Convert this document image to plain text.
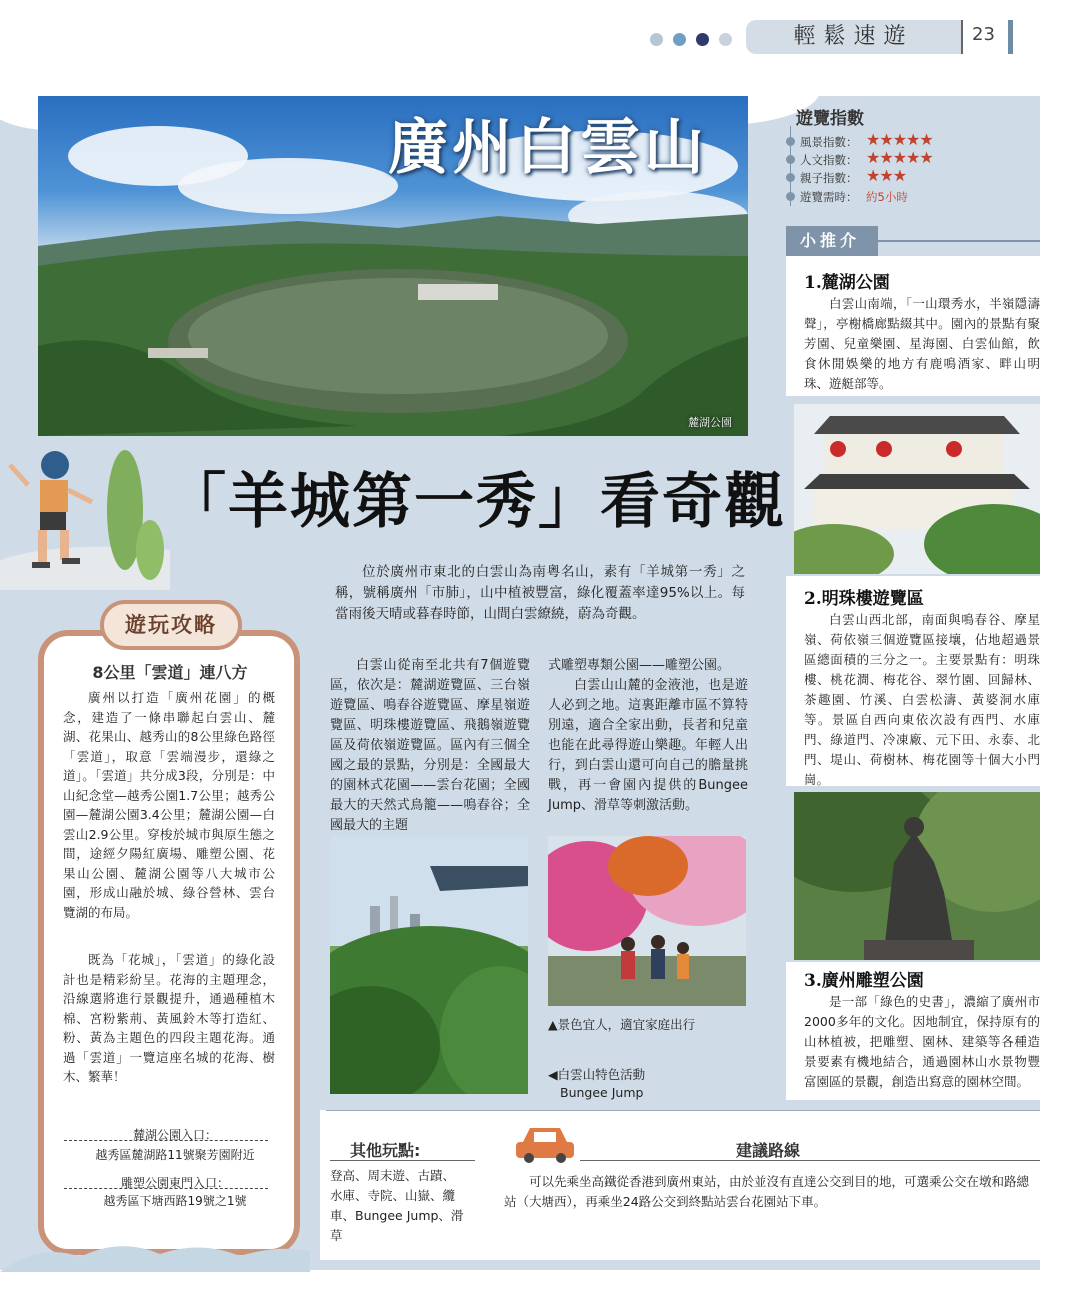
輕鬆速遊	23
麓湖公園
廣州白雲山
「羊城第一秀」看奇觀
位於廣州市東北的白雲山為南粵名山，素有「羊城第一秀」之稱，號稱廣州「市肺」，山中植被豐富，綠化覆蓋率達95%以上。每當雨後天晴或暮春時節，山間白雲繚繞，蔚為奇觀。
白雲山從南至北共有7個遊覽區，依次是：麓湖遊覽區、三台嶺遊覽區、鳴春谷遊覽區、摩星嶺遊覽區、明珠樓遊覽區、飛鵝嶺遊覽區及荷依嶺遊覽區。區內有三個全國之最的景點，分別是：全國最大的園林式花園——雲台花園；全國最大的天然式鳥籠——鳴春谷；全國最大的主題
式雕塑專類公園——雕塑公園。
白雲山山麓的金液池，也是遊人必到之地。這裏距離市區不算特別遠，適合全家出動，長者和兒童也能在此尋得遊山樂趣。年輕人出行，到白雲山還可向自己的膽量挑戰，再一會園內提供的Bungee Jump、滑草等刺激活動。
◀白雲山特色活動
Bungee Jump
▲景色宜人，適宜家庭出行
遊玩攻略
8公里「雲道」連八方
廣州以打造「廣州花園」的概念，建造了一條串聯起白雲山、麓湖、花果山、越秀山的8公里綠色路徑「雲道」，取意「雲端漫步，還綠之道」。「雲道」共分成3段，分別是：中山紀念堂—越秀公園1.7公里；越秀公園—麓湖公園3.4公里；麓湖公園—白雲山2.9公里。穿梭於城市與原生態之間，途經夕陽紅廣場、雕塑公園、花果山公園、麓湖公園等八大城市公園，形成山融於城、綠谷營林、雲台覽湖的布局。
既為「花城」，「雲道」的綠化設計也是精彩紛呈。花海的主題理念，沿線選將進行景觀提升，通過種植木棉、宮粉紫荊、黃風鈴木等打造紅、粉、黃為主題色的四段主題花海。通過「雲道」一覽這座名城的花海、樹木、繁華！
麓湖公園入口：
越秀區麓湖路11號聚芳園附近
雕塑公園東門入口：
越秀區下塘西路19號之1號
遊覽指數
風景指數： ★★★★★
人文指數： ★★★★★
親子指數： ★★★
遊覽需時： 約5小時
小推介
1.麓湖公園
白雲山南端，「一山環秀水，半嶺隱濤聲」，亭榭橋廊點綴其中。園內的景點有聚芳園、兒童樂園、星海園、白雲仙館，飲食休閒娛樂的地方有鹿鳴酒家、畔山明珠、遊艇部等。
2.明珠樓遊覽區
白雲山西北部，南面與鳴春谷、摩星嶺、荷依嶺三個遊覽區接壤，佔地超過景區總面積的三分之一。主要景點有：明珠樓、桃花澗、梅花谷、翠竹園、回歸林、茶趣園、竹溪、白雲松濤、黃婆洞水庫等。景區自西向東依次設有西門、水庫門、綠道門、冷凍廠、元下田、永泰、北門、堤山、荷樹林、梅花園等十個大小門崗。
3.廣州雕塑公園
是一部「綠色的史書」，濃縮了廣州市2000多年的文化。因地制宜，保持原有的山林植被，把雕塑、園林、建築等各種造景要素有機地結合，通過園林山水景物豐富園區的景觀，創造出寫意的園林空間。
其他玩點:
登高、周末遊、古蹟、水庫、寺院、山嶽、纜車、Bungee Jump、滑草
建議路線
可以先乘坐高鐵從香港到廣州東站，由於並沒有直達公交到目的地，可選乘公交在墩和路總站（大塘西），再乘坐24路公交到終點站雲台花園站下車。
